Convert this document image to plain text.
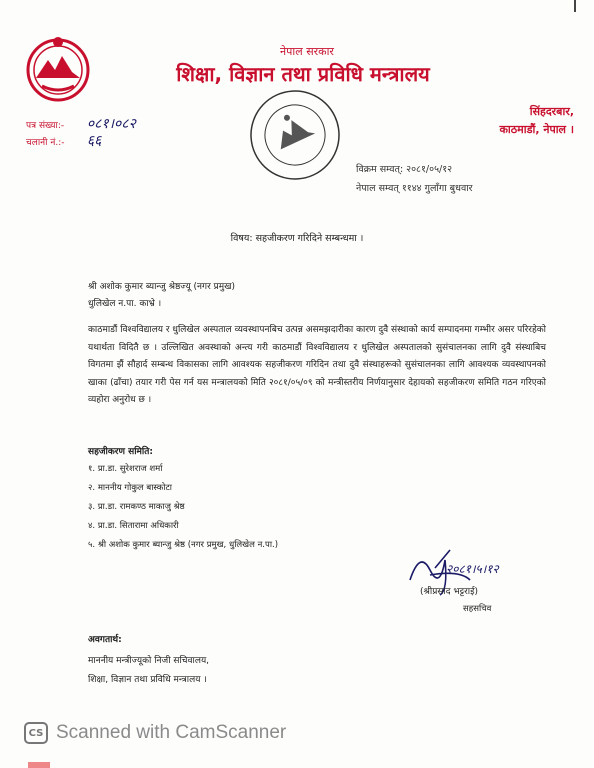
नेपाल सरकार
शिक्षा, विज्ञान तथा प्रविधि मन्त्रालय
पत्र संख्या:- ०८१।०८२
चलानी नं.:- ६६
सिंहदरबार,
काठमाडौं, नेपाल ।
विक्रम सम्वत्: २०८१/०५/१२
नेपाल सम्वत् ११४४ गुलाँगा बुधवार
विषय: सहजीकरण गरिदिने सम्बन्धमा ।
श्री अशोक कुमार ब्यान्जु श्रेष्ठज्यू (नगर प्रमुख)
धुलिखेल न.पा. काभ्रे ।
काठमाडौं विश्वविद्यालय र धुलिखेल अस्पताल व्यवस्थापनबिच उत्पन्न असमझदारीका कारण दुवै संस्थाको कार्य सम्पादनमा गम्भीर असर परिरहेको यथार्थता विदितै छ । उल्लिखित अवस्थाको अन्त्य गरी काठमाडौं विश्वविद्यालय र धुलिखेल अस्पतालको सुसंचालनका लागि दुवै संस्थाबिच विगतमा झैं सौहार्द सम्बन्ध विकासका लागि आवश्यक सहजीकरण गरिदिन तथा दुवै संस्थाहरूको सुसंचालनका लागि आवश्यक व्यवस्थापनको खाका (ढाँचा) तयार गरी पेस गर्न यस मन्त्रालयको मिति २०८१/०५/०९ को मन्त्रीस्तरीय निर्णयानुसार देहायको सहजीकरण समिति गठन गरिएको व्यहोरा अनुरोध छ ।
सहजीकरण समिति:
१. प्रा.डा. सुरेशराज शर्मा
२. माननीय गोकुल बास्कोटा
३. प्रा.डा. रामकण्ठ माकाजु श्रेष्ठ
४. प्रा.डा. सितारामा अधिकारी
५. श्री अशोक कुमार ब्यान्जु श्रेष्ठ (नगर प्रमुख, धुलिखेल न.पा.)
२०८१।५।१२
(श्रीप्रसाद भट्टराई)
सहसचिव
अवगतार्थ:
माननीय मन्त्रीज्यूको निजी सचिवालय,
शिक्षा, विज्ञान तथा प्रविधि मन्त्रालय ।
CS Scanned with CamScanner
